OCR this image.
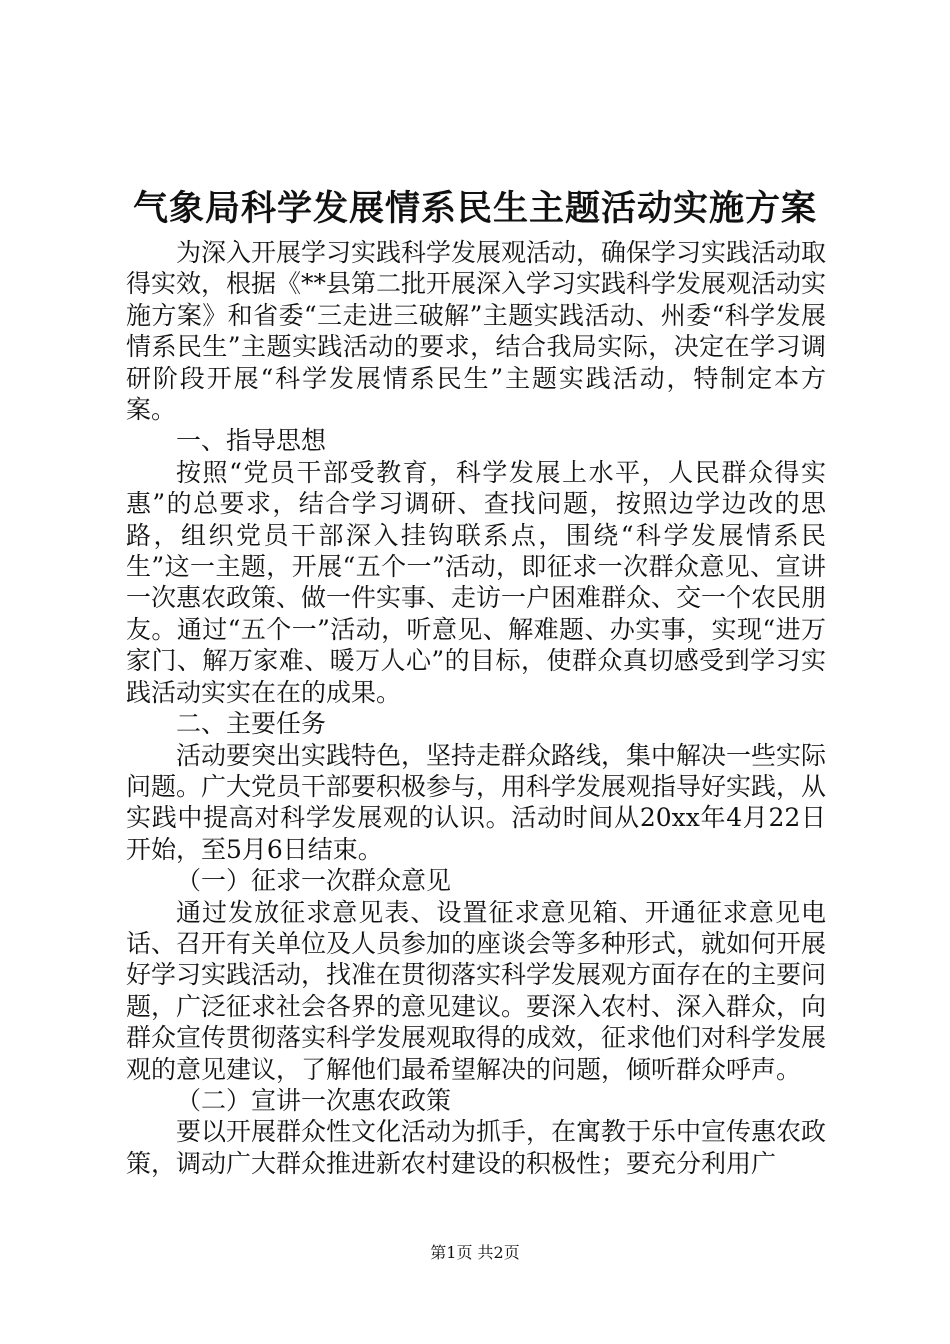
气象局科学发展情系民生主题活动实施方案

为深入开展学习实践科学发展观活动，确保学习实践活动取得实效，根据《**县第二批开展深入学习实践科学发展观活动实施方案》和省委“三走进三破解”主题实践活动、州委“科学发展情系民生”主题实践活动的要求，结合我局实际，决定在学习调研阶段开展“科学发展情系民生”主题实践活动，特制定本方案。

一、指导思想

按照“党员干部受教育，科学发展上水平，人民群众得实惠”的总要求，结合学习调研、查找问题，按照边学边改的思路，组织党员干部深入挂钩联系点，围绕“科学发展情系民生”这一主题，开展“五个一”活动，即征求一次群众意见、宣讲一次惠农政策、做一件实事、走访一户困难群众、交一个农民朋友。通过“五个一”活动，听意见、解难题、办实事，实现“进万家门、解万家难、暖万人心”的目标，使群众真切感受到学习实践活动实实在在的成果。

二、主要任务

活动要突出实践特色，坚持走群众路线，集中解决一些实际问题。广大党员干部要积极参与，用科学发展观指导好实践，从实践中提高对科学发展观的认识。活动时间从20xx年4月22日开始，至5月6日结束。

（一）征求一次群众意见

通过发放征求意见表、设置征求意见箱、开通征求意见电话、召开有关单位及人员参加的座谈会等多种形式，就如何开展好学习实践活动，找准在贯彻落实科学发展观方面存在的主要问题，广泛征求社会各界的意见建议。要深入农村、深入群众，向群众宣传贯彻落实科学发展观取得的成效，征求他们对科学发展观的意见建议，了解他们最希望解决的问题，倾听群众呼声。

（二）宣讲一次惠农政策

要以开展群众性文化活动为抓手，在寓教于乐中宣传惠农政策，调动广大群众推进新农村建设的积极性；要充分利用广

第1页 共2页
